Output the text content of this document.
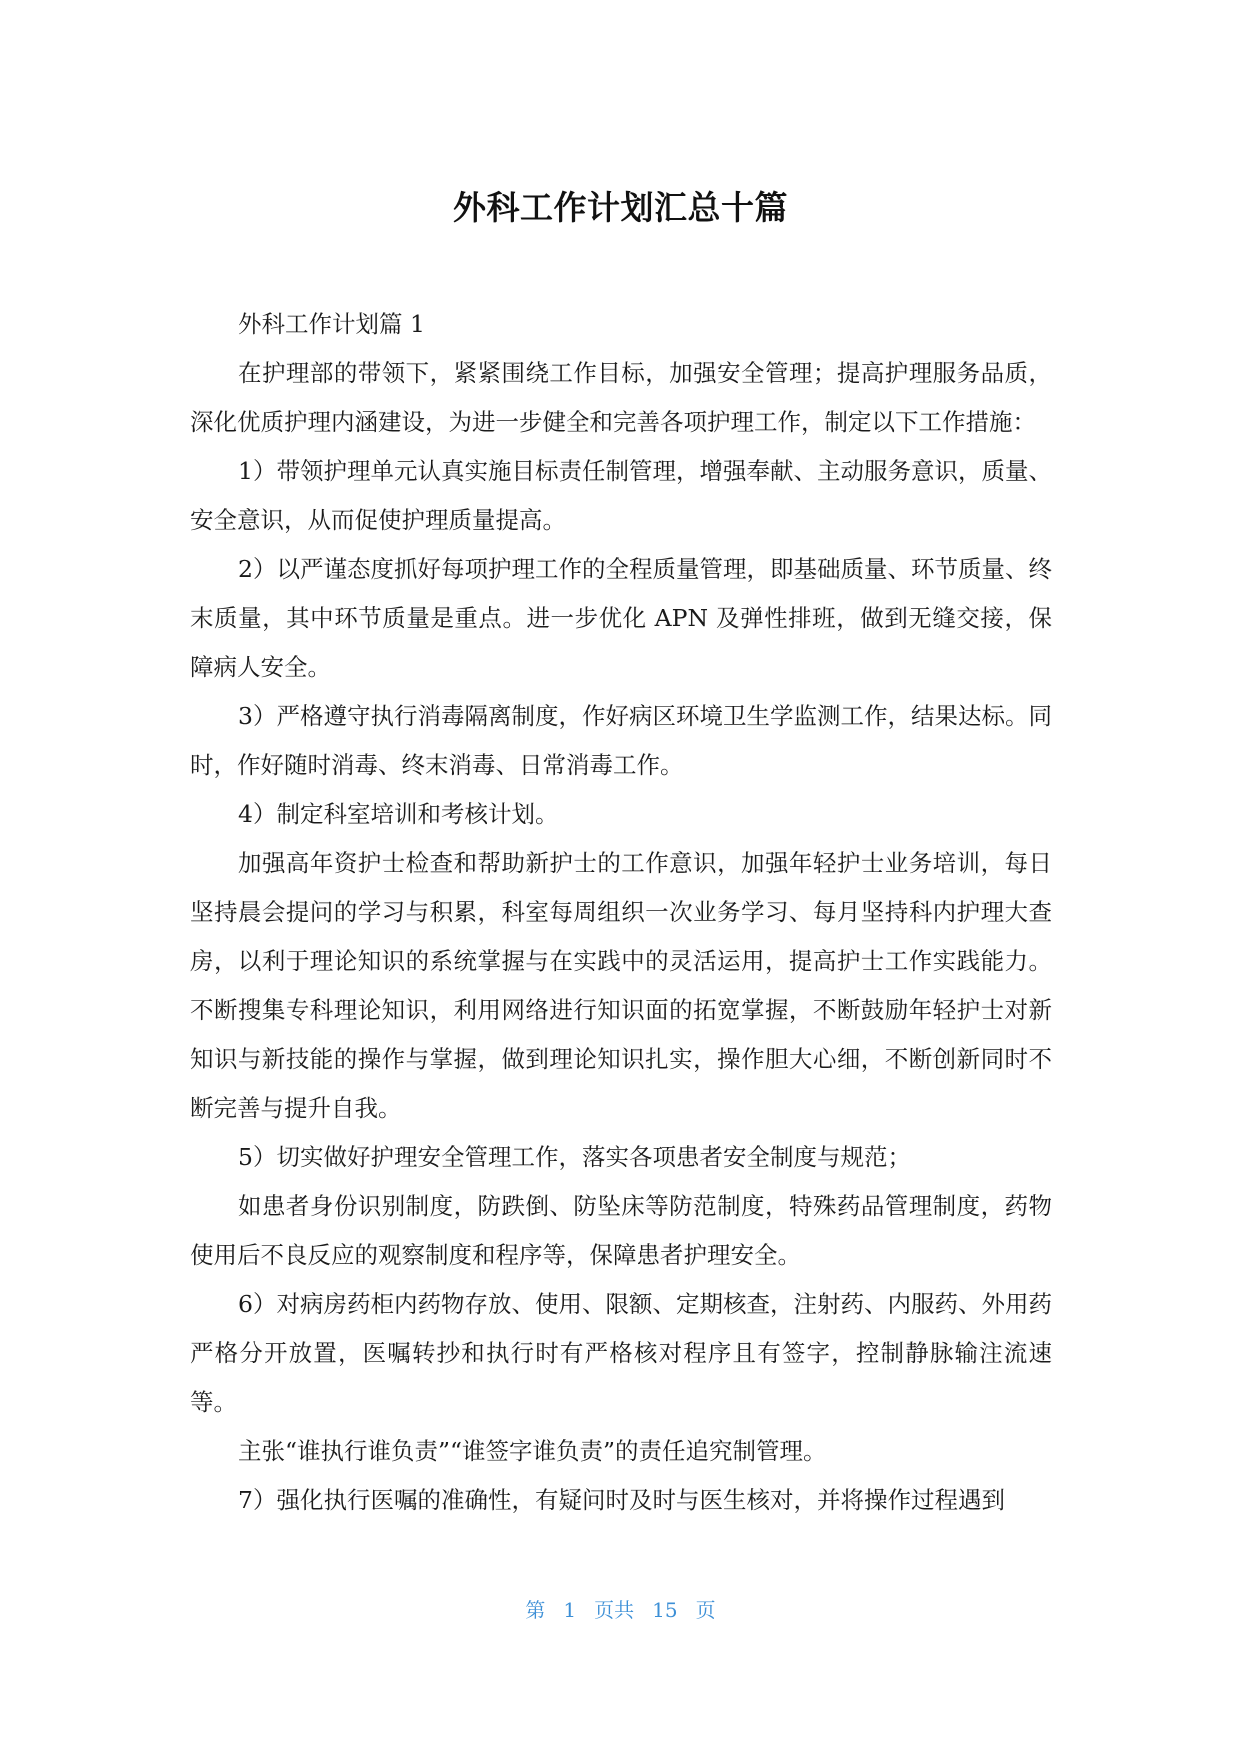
外科工作计划汇总十篇

外科工作计划篇 1

在护理部的带领下，紧紧围绕工作目标，加强安全管理；提高护理服务品质，深化优质护理内涵建设，为进一步健全和完善各项护理工作，制定以下工作措施：

1）带领护理单元认真实施目标责任制管理，增强奉献、主动服务意识，质量、安全意识，从而促使护理质量提高。

2）以严谨态度抓好每项护理工作的全程质量管理，即基础质量、环节质量、终末质量，其中环节质量是重点。进一步优化 APN 及弹性排班，做到无缝交接，保障病人安全。

3）严格遵守执行消毒隔离制度，作好病区环境卫生学监测工作，结果达标。同时，作好随时消毒、终末消毒、日常消毒工作。

4）制定科室培训和考核计划。

加强高年资护士检查和帮助新护士的工作意识，加强年轻护士业务培训，每日坚持晨会提问的学习与积累，科室每周组织一次业务学习、每月坚持科内护理大查房，以利于理论知识的系统掌握与在实践中的灵活运用，提高护士工作实践能力。不断搜集专科理论知识，利用网络进行知识面的拓宽掌握，不断鼓励年轻护士对新知识与新技能的操作与掌握，做到理论知识扎实，操作胆大心细，不断创新同时不断完善与提升自我。

5）切实做好护理安全管理工作，落实各项患者安全制度与规范；

如患者身份识别制度，防跌倒、防坠床等防范制度，特殊药品管理制度，药物使用后不良反应的观察制度和程序等，保障患者护理安全。

6）对病房药柜内药物存放、使用、限额、定期核查，注射药、内服药、外用药严格分开放置，医嘱转抄和执行时有严格核对程序且有签字，控制静脉输注流速等。

主张“谁执行谁负责”“谁签字谁负责”的责任追究制管理。

7）强化执行医嘱的准确性，有疑问时及时与医生核对，并将操作过程遇到

第 1 页共 15 页
